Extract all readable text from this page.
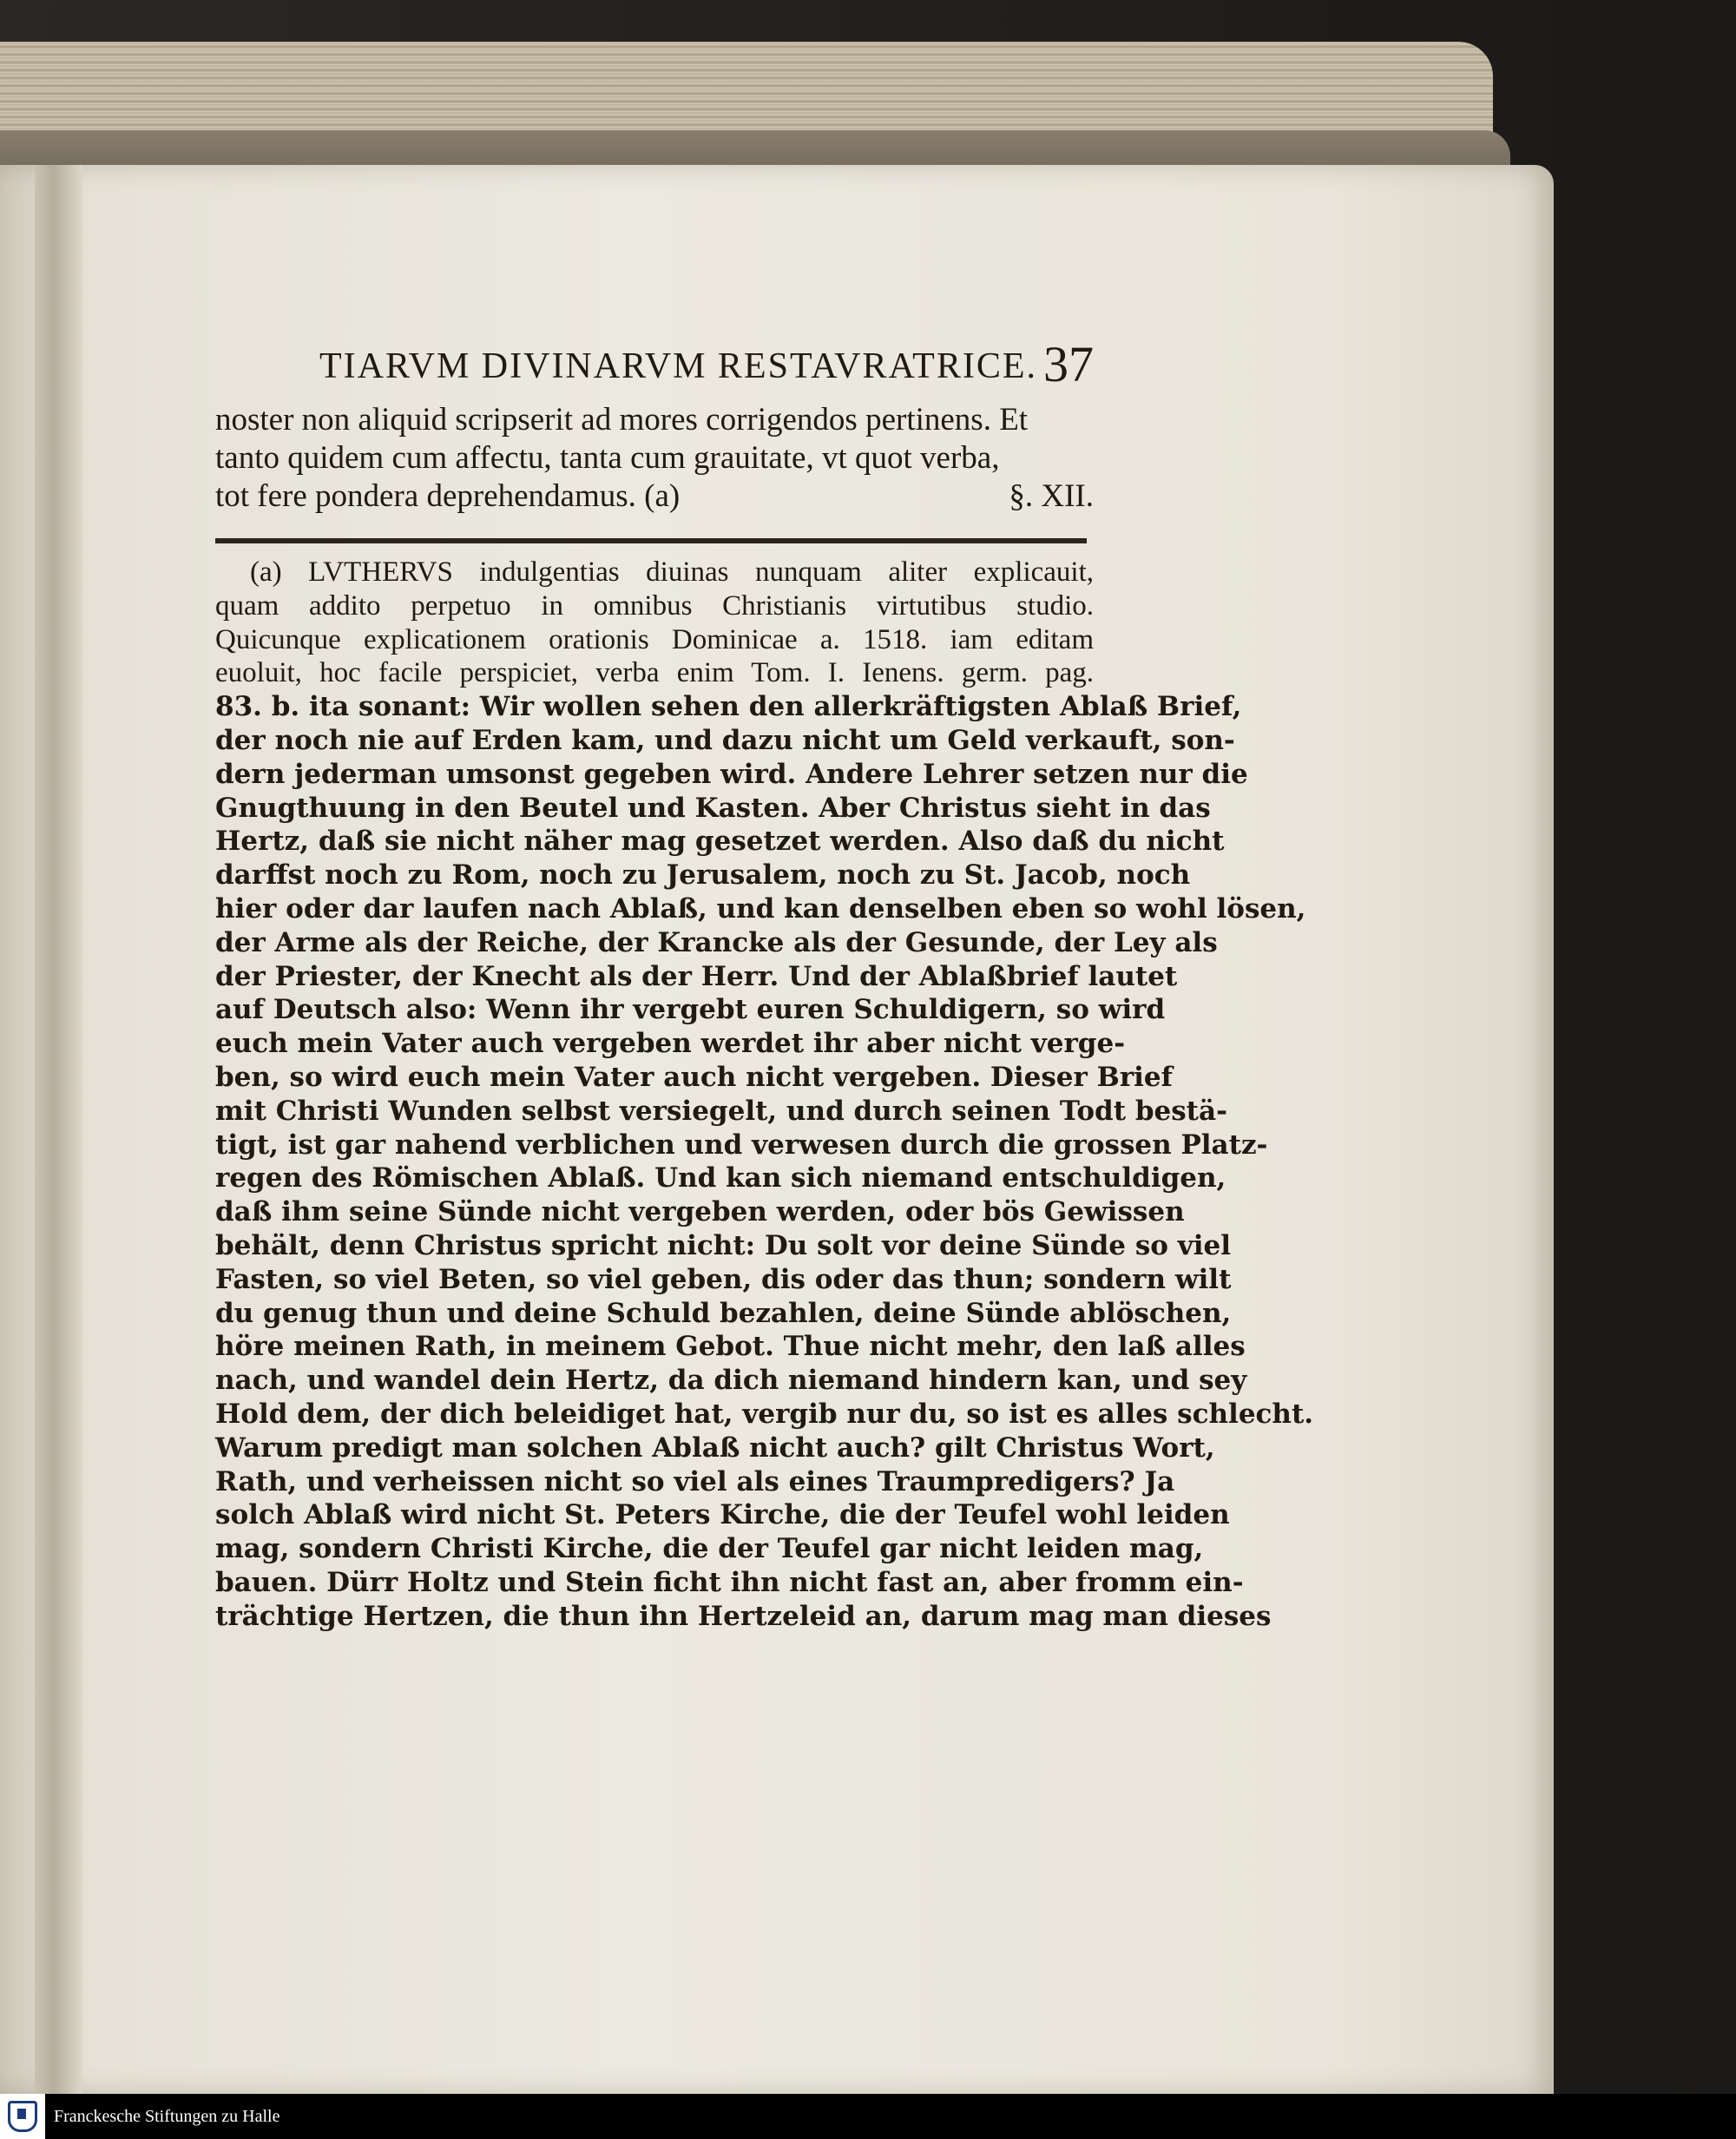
TIARVM DIVINARVM RESTAVRATRICE. 37
noster non aliquid scripserit ad mores corrigendos pertinens. Et
tanto quidem cum affectu, tanta cum grauitate, vt quot verba,
tot fere pondera deprehendamus. (a)	§. XII.
(a) LVTHERVS indulgentias diuinas nunquam aliter explicauit,
quam addito perpetuo in omnibus Christianis virtutibus studio.
Quicunque explicationem orationis Dominicae a. 1518. iam editam
euoluit, hoc facile perspiciet, verba enim Tom. I. Ienens. germ. pag.
83. b. ita sonant: Wir wollen sehen den allerkräftigsten Ablaß Brief,
der noch nie auf Erden kam, und dazu nicht um Geld verkauft, son-
dern jederman umsonst gegeben wird. Andere Lehrer setzen nur die
Gnugthuung in den Beutel und Kasten. Aber Christus sieht in das
Hertz, daß sie nicht näher mag gesetzet werden. Also daß du nicht
darffst noch zu Rom, noch zu Jerusalem, noch zu St. Jacob, noch
hier oder dar laufen nach Ablaß, und kan denselben eben so wohl lösen,
der Arme als der Reiche, der Krancke als der Gesunde, der Ley als
der Priester, der Knecht als der Herr. Und der Ablaßbrief lautet
auf Deutsch also: Wenn ihr vergebt euren Schuldigern, so wird
euch mein Vater auch vergeben werdet ihr aber nicht verge-
ben, so wird euch mein Vater auch nicht vergeben. Dieser Brief
mit Christi Wunden selbst versiegelt, und durch seinen Todt bestä-
tigt, ist gar nahend verblichen und verwesen durch die grossen Platz-
regen des Römischen Ablaß. Und kan sich niemand entschuldigen,
daß ihm seine Sünde nicht vergeben werden, oder bös Gewissen
behält, denn Christus spricht nicht: Du solt vor deine Sünde so viel
Fasten, so viel Beten, so viel geben, dis oder das thun; sondern wilt
du genug thun und deine Schuld bezahlen, deine Sünde ablöschen,
höre meinen Rath, in meinem Gebot. Thue nicht mehr, den laß alles
nach, und wandel dein Hertz, da dich niemand hindern kan, und sey
Hold dem, der dich beleidiget hat, vergib nur du, so ist es alles schlecht.
Warum predigt man solchen Ablaß nicht auch? gilt Christus Wort,
Rath, und verheissen nicht so viel als eines Traumpredigers? Ja
solch Ablaß wird nicht St. Peters Kirche, die der Teufel wohl leiden
mag, sondern Christi Kirche, die der Teufel gar nicht leiden mag,
bauen. Dürr Holtz und Stein ficht ihn nicht fast an, aber fromm ein-
trächtige Hertzen, die thun ihn Hertzeleid an, darum mag man dieses
Franckesche Stiftungen zu Halle
